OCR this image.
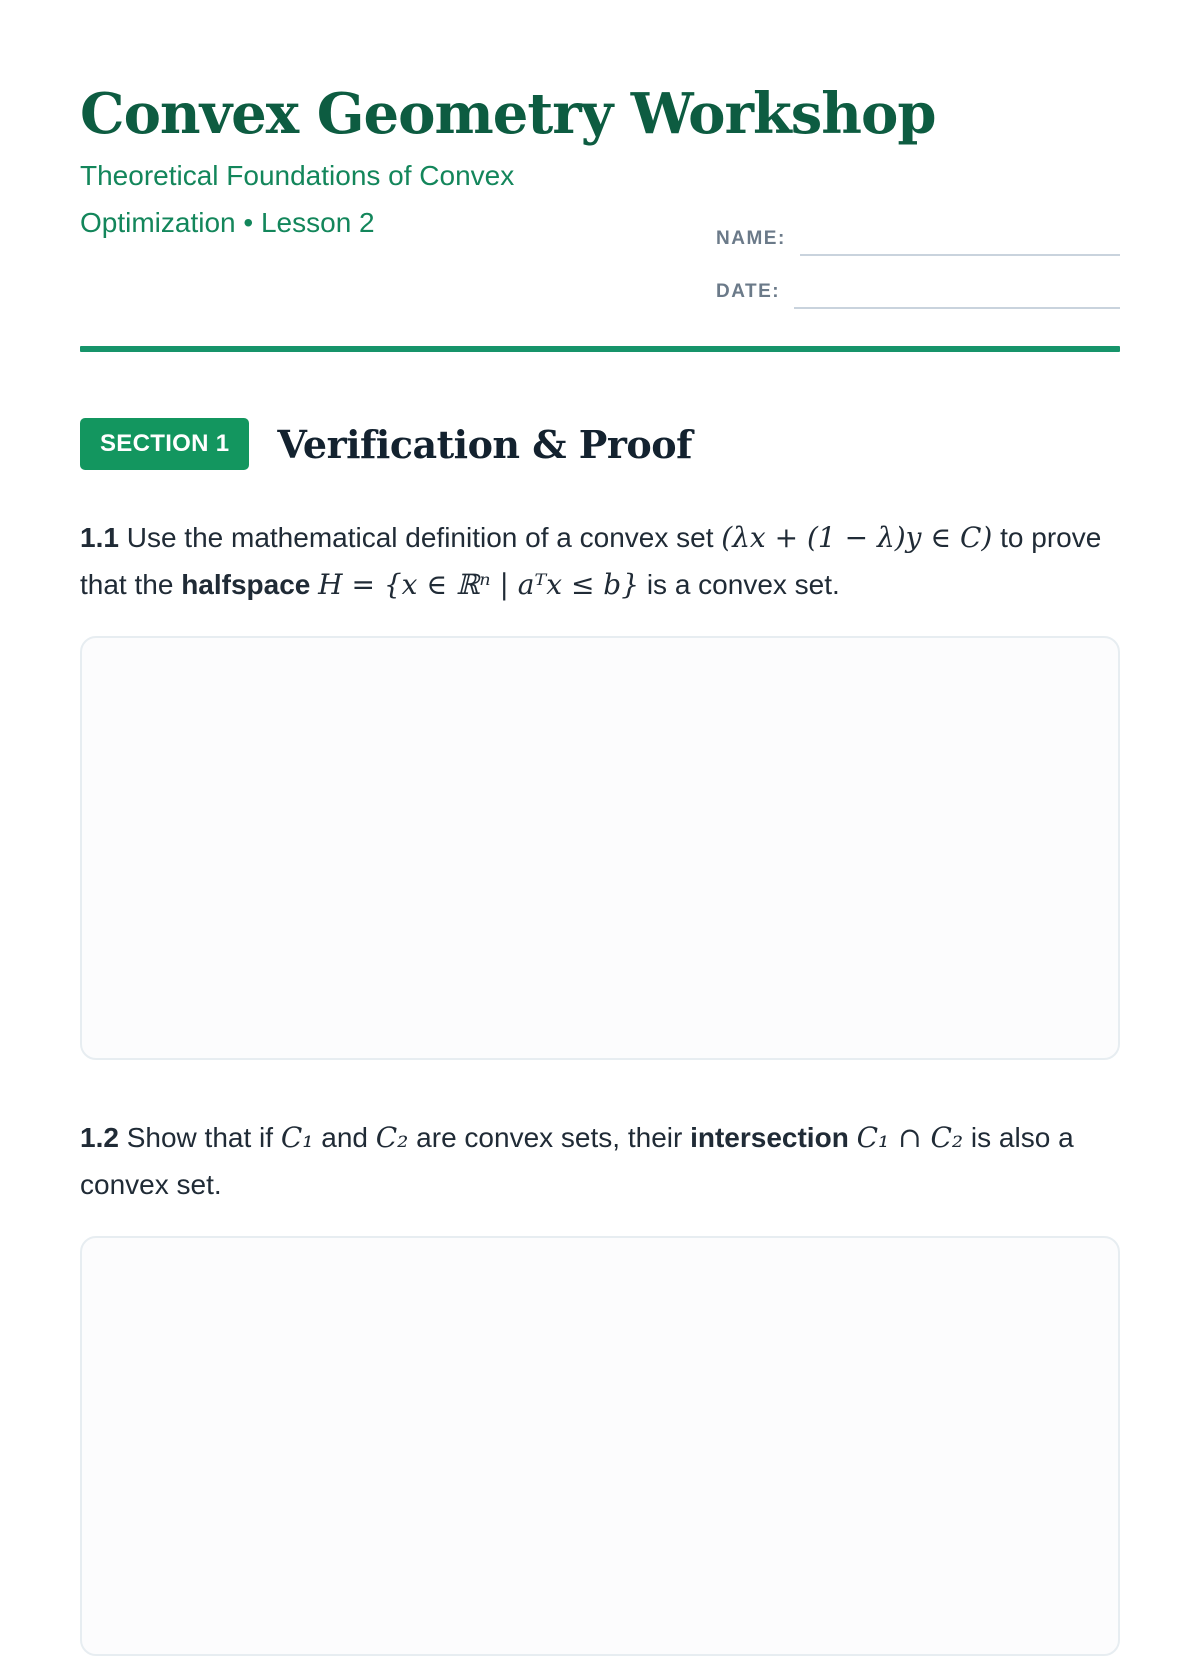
Convex Geometry Workshop
Theoretical Foundations of Convex Optimization • Lesson 2
NAME:
DATE:
SECTION 1	Verification & Proof
1.1 Use the mathematical definition of a convex set (λx + (1 − λ)y ∈ C) to prove that the halfspace H = {x ∈ ℝⁿ | aᵀx ≤ b} is a convex set.
1.2 Show that if C₁ and C₂ are convex sets, their intersection C₁ ∩ C₂ is also a convex set.
